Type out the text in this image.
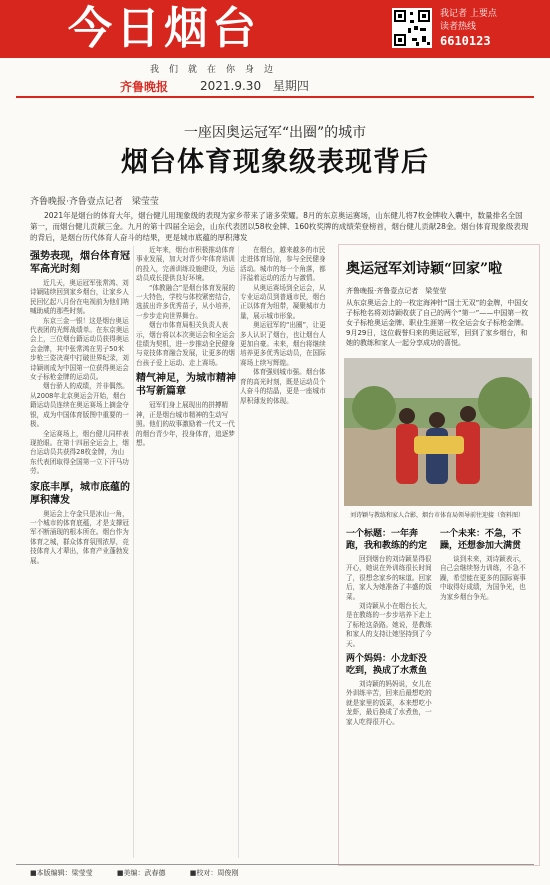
今日烟台	我记者 上要点
读者热线
6610123
我们就在你身边
齐鲁晚报	2021.9.30 星期四
一座因奥运冠军“出圈”的城市
烟台体育现象级表现背后
齐鲁晚报·齐鲁壹点记者　梁莹莹
2021年是烟台的体育大年，烟台健儿用现象级的表现为家乡带来了诸多荣耀。8月的东京奥运赛场，山东健儿将7枚金牌收入囊中，数量排名全国第一，而烟台健儿贡献三金。九月的第十四届全运会，山东代表团以58枚金牌、160枚奖牌的成绩荣登榜首，烟台健儿贡献28金。烟台体育现象级表现的背后，是烟台历代体育人奋斗的结果，更是城市底蕴的厚积薄发

强势表现，烟台体育冠军高光时刻

近几天，奥运冠军张常鸿、刘诗颖陆续回到家乡烟台，让家乡人民回忆起八月份在电视前为他们呐喊助威的那些时刻。

东京三金一银！这是烟台奥运代表团的光辉战绩单。在东京奥运会上，三位烟台籍运动员获得奥运会金牌，其中张常鸿在男子50米步枪三姿决赛中打破世界纪录，刘诗颖则成为中国第一位获得奥运会女子标枪金牌的运动员。

烟台骄人的成绩，并非偶然。从2008年北京奥运会开始，烟台籍运动员连续在奥运赛场上摘金夺银，成为中国体育版图中重要的一极。

全运赛场上，烟台健儿同样表现抢眼。在第十四届全运会上，烟台运动员共获得28枚金牌，为山东代表团取得全国第一立下汗马功劳。

家底丰厚，城市底蕴的厚积薄发

奥运会上夺金只是冰山一角，一个城市的体育底蕴，才是支撑冠军不断涌现的根本所在。烟台作为体育之城，群众体育氛围浓厚，竞技体育人才辈出，体育产业蓬勃发展。

近年来，烟台市积极推动体育事业发展，加大对青少年体育培训的投入，完善训练设施建设，为运动员成长提供良好环境。

“体教融合”是烟台体育发展的一大特色，学校与体校紧密结合，选拔出许多优秀苗子，从小培养，一步步走向世界舞台。

烟台市体育局相关负责人表示，烟台将以本次奥运会和全运会佳绩为契机，进一步推动全民健身与竞技体育融合发展，让更多的烟台孩子爱上运动、走上赛场。

精气神足，为城市精神书写新篇章

冠军们身上展现出的拼搏精神，正是烟台城市精神的生动写照。他们的故事激励着一代又一代的烟台青少年，投身体育，追逐梦想。

在烟台，越来越多的市民走进体育场馆，参与全民健身活动。城市的每一个角落，都洋溢着运动的活力与激情。

从奥运赛场到全运会，从专业运动员到普通市民，烟台正以体育为纽带，凝聚城市力量，展示城市形象。

奥运冠军的“出圈”，让更多人认识了烟台，也让烟台人更加自豪。未来，烟台将继续培养更多优秀运动员，在国际赛场上续写辉煌。

体育强则城市强。烟台体育的高光时刻，既是运动员个人奋斗的结晶，更是一座城市厚积薄发的体现。

奥运冠军刘诗颖“回家”啦
齐鲁晚报·齐鲁壹点记者　梁莹莹
从东京奥运会上的一枚定海神针“国士无双”的金牌，中国女子标枪名将刘诗颖收获了自己的两个“第一”——中国第一枚女子标枪奥运金牌、职业生涯第一枚全运会女子标枪金牌。9月29日，这位载誉归来的奥运冠军，回到了家乡烟台，和她的教练和家人一起分享成功的喜悦。
刘诗颖与教练和家人合影，烟台市体育局领导前往迎接（资料图）

一个标题：一年奔跑，我和教练的约定

回到烟台的刘诗颖显得很开心，她说在外训练很长时间了，很想念家乡的味道。回家后，家人为她准备了丰盛的饭菜。

刘诗颖从小在烟台长大，是在教练的一步步培养下走上了标枪这条路。她说，是教练和家人的支持让她坚持到了今天。

两个妈妈：小龙虾没吃到，换成了水煮鱼

刘诗颖的妈妈说，女儿在外训练辛苦，回来后最想吃的就是家里的饭菜，本来想吃小龙虾，最后换成了水煮鱼，一家人吃得很开心。

一个未来：不急，不躁，还想参加大满贯

谈到未来，刘诗颖表示，自己会继续努力训练，不急不躁，希望能在更多的国际赛事中取得好成绩，为国争光，也为家乡烟台争光。

■本版编辑：梁莹莹	■美编：武春德	■校对：周俊刚
